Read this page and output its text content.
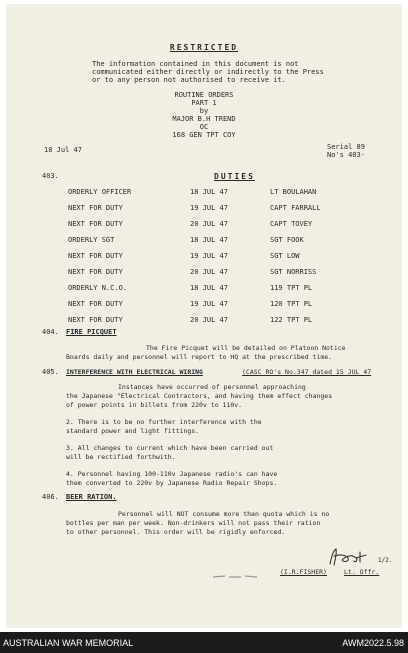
RESTRICTED
The information contained in this document is not
communicated either directly or indirectly to the Press
or to any person not authorised to receive it.
ROUTINE ORDERS
PART 1
by
MAJOR B.H TREND
OC
168 GEN TPT COY
18 Jul 47	Serial 89
No's 403-
403.	DUTIES
ORDERLY OFFICER	18 JUL 47	LT BOULAHAN
NEXT FOR DUTY	19 JUL 47	CAPT FARRALL
NEXT FOR DUTY	20 JUL 47	CAPT TOVEY
ORDERLY SGT	18 JUL 47	SGT FOOK
NEXT FOR DUTY	19 JUL 47	SGT LOW
NEXT FOR DUTY	20 JUL 47	SGT NORRISS
ORDERLY N.C.O.	18 JUL 47	119 TPT PL
NEXT FOR DUTY	19 JUL 47	120 TPT PL
NEXT FOR DUTY	20 JUL 47	122 TPT PL
404. FIRE PICQUET
The Fire Picquet will be detailed on Platoon Notice
Boards daily and personnel will report to HQ at the prescribed time.
405. INTERFERENCE WITH ELECTRICAL WIRING	(CASC RO's No.347 dated 15 JUL 47
Instances have occurred of personnel approaching
the Japanese "Electrical Contractors, and having them effect changes
of power points in billets from 220v to 110v.
2. There is to be no further interference with the
standard power and light fittings.
3. All changes to current which have been carried out
will be rectified forthwith.
4. Personnel having 100-110v Japanese radio's can have
them converted to 220v by Japanese Radio Repair Shops.
406. BEER RATION.
Personnel will NOT consume more than quota which is no
bottles per man per week. Non-drinkers will not pass their ration
to other personnel. This order will be rigidly enforced.
1/2.
(I.R.FISHER)	Lt. Offr.
AUSTRALIAN WAR MEMORIAL	AWM2022.5.98
